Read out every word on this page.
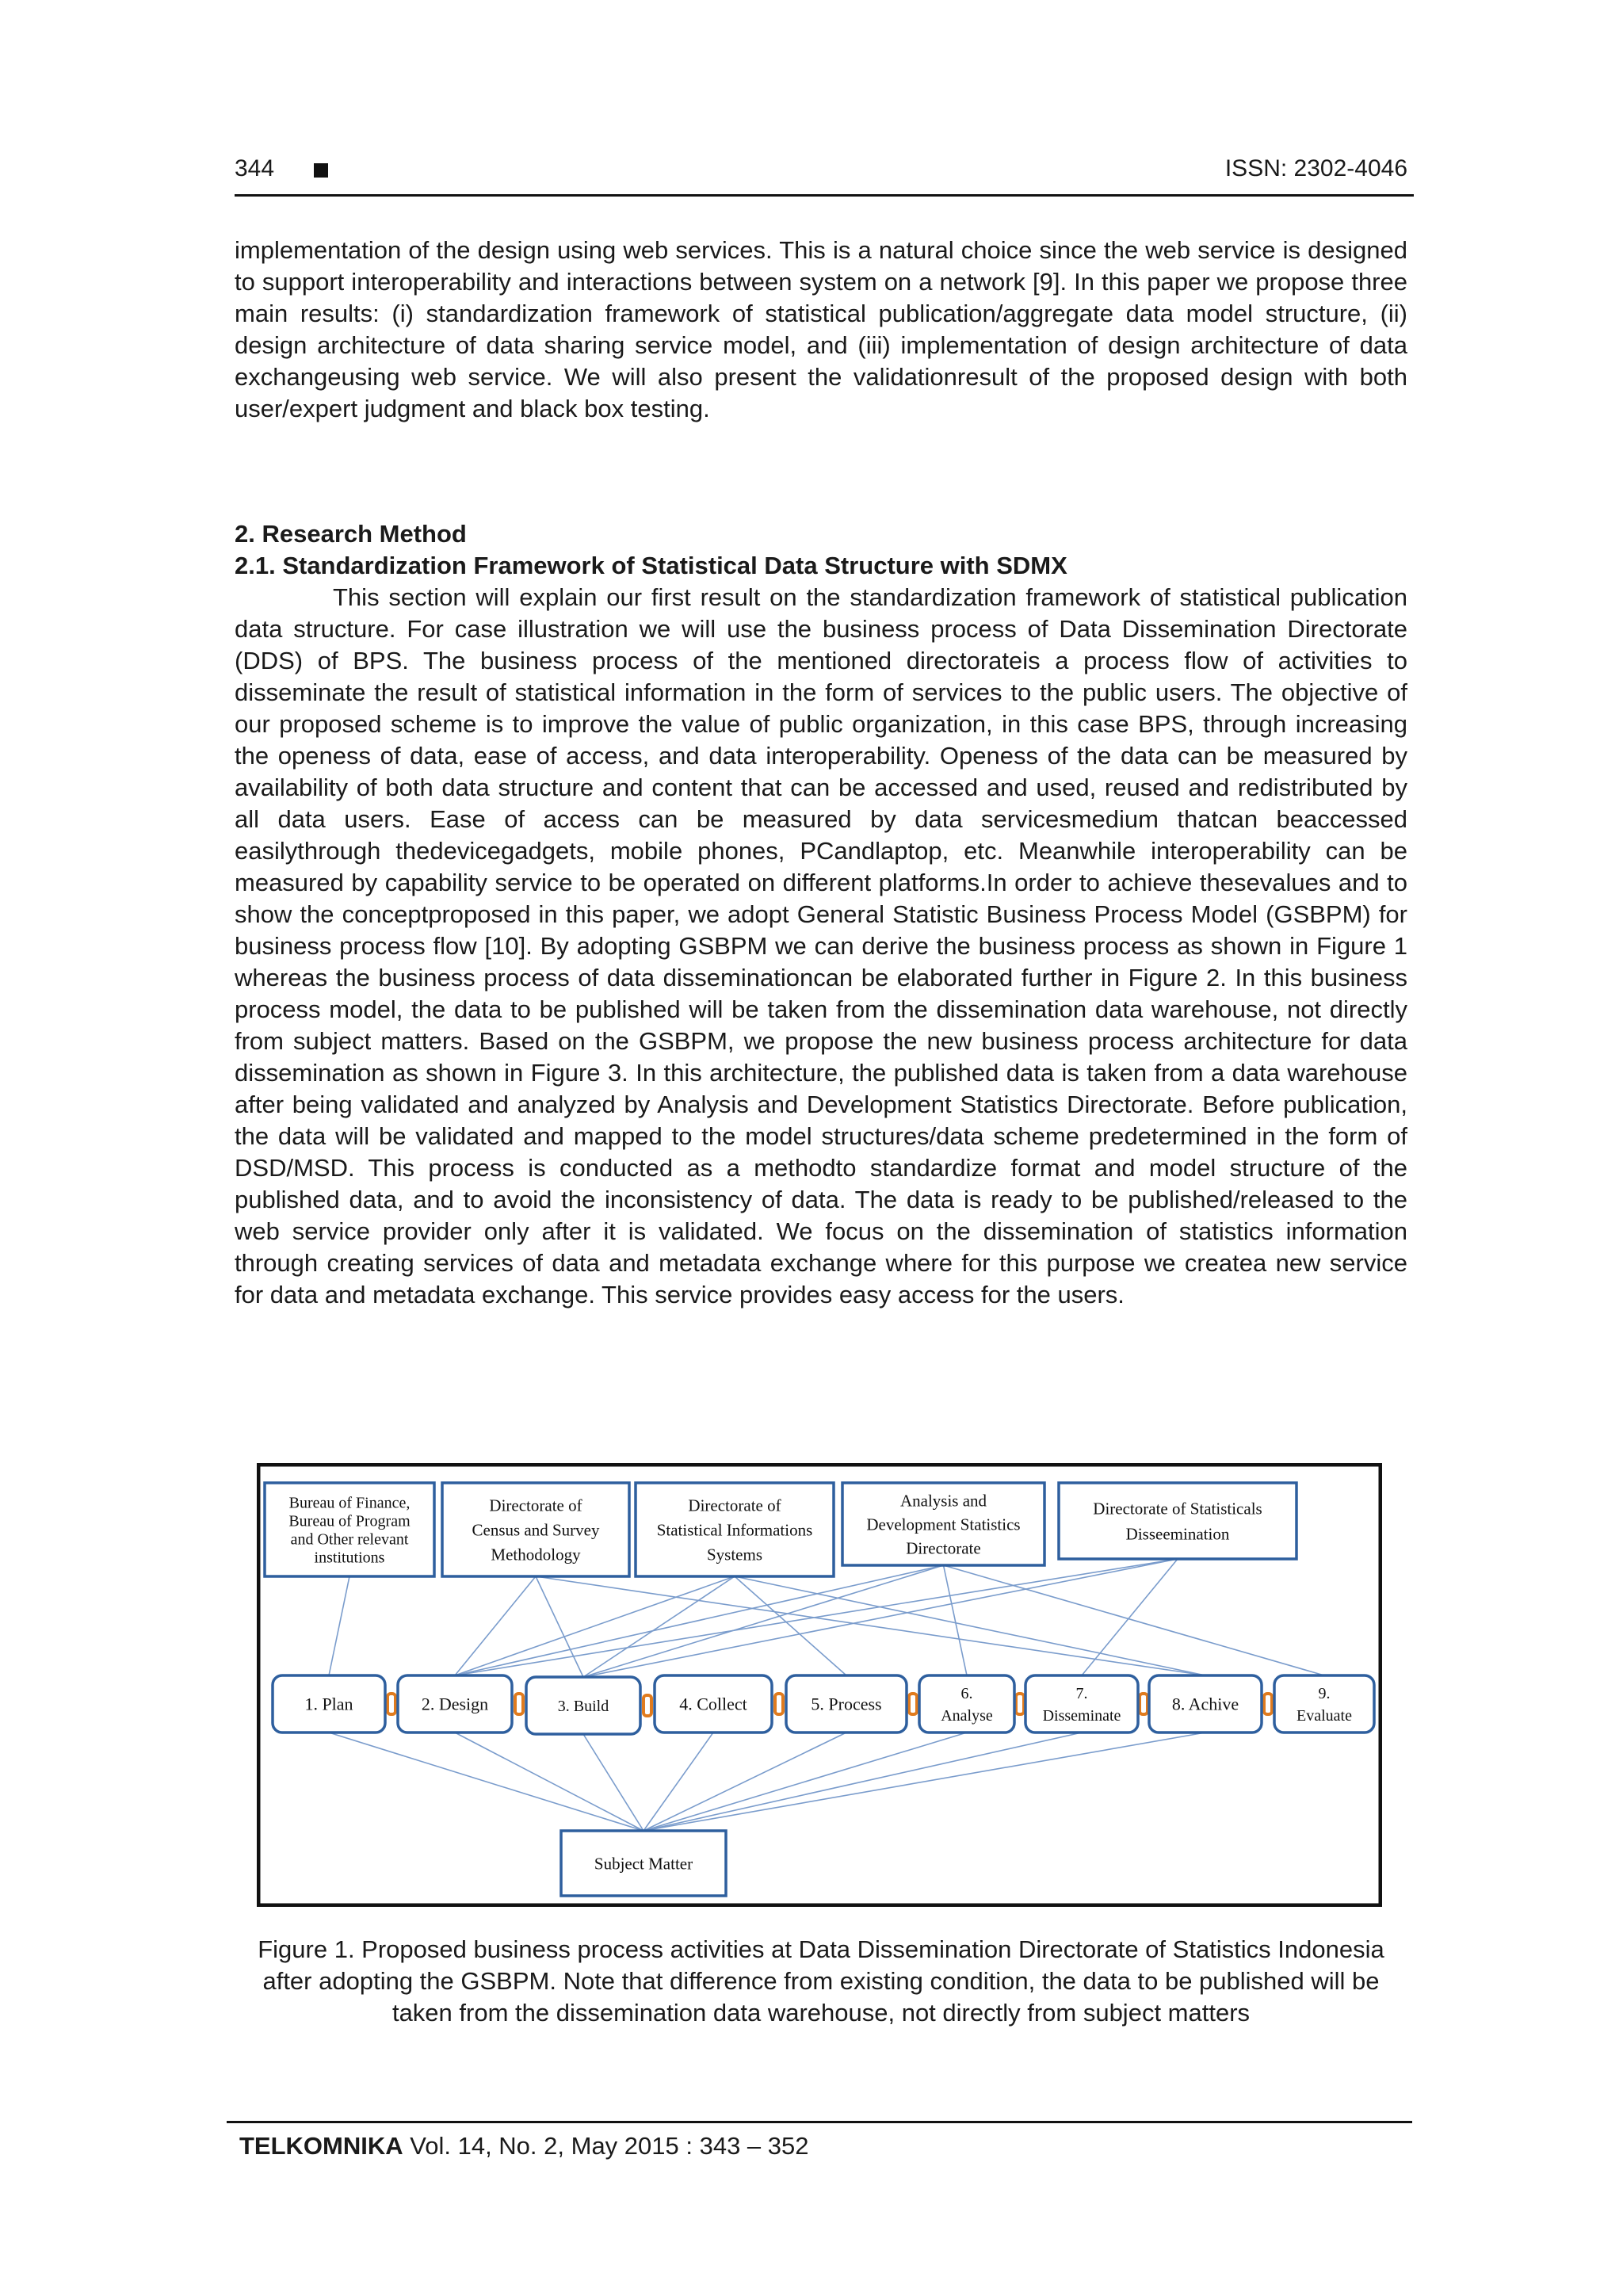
344	ISSN: 2302-4046
implementation of the design using web services. This is a natural choice since the web service is designed to support interoperability and interactions between system on a network [9]. In this paper we propose three main results: (i) standardization framework of statistical publication/aggregate data model structure, (ii) design architecture of data sharing service model, and (iii) implementation of design architecture of data exchangeusing web service. We will also present the validationresult of the proposed design with both user/expert judgment and black box testing.
2. Research Method
2.1. Standardization Framework of Statistical Data Structure with SDMX
This section will explain our first result on the standardization framework of statistical publication data structure. For case illustration we will use the business process of Data Dissemination Directorate (DDS) of BPS. The business process of the mentioned directorateis a process flow of activities to disseminate the result of statistical information in the form of services to the public users. The objective of our proposed scheme is to improve the value of public organization, in this case BPS, through increasing the openess of data, ease of access, and data interoperability. Openess of the data can be measured by availability of both data structure and content that can be accessed and used, reused and redistributed by all data users. Ease of access can be measured by data servicesmedium thatcan beaccessed easilythrough thedevicegadgets, mobile phones, PCandlaptop, etc. Meanwhile interoperability can be measured by capability service to be operated on different platforms.In order to achieve thesevalues and to show the conceptproposed in this paper, we adopt General Statistic Business Process Model (GSBPM) for business process flow [10]. By adopting GSBPM we can derive the business process as shown in Figure 1 whereas the business process of data disseminationcan be elaborated further in Figure 2. In this business process model, the data to be published will be taken from the dissemination data warehouse, not directly from subject matters. Based on the GSBPM, we propose the new business process architecture for data dissemination as shown in Figure 3. In this architecture, the published data is taken from a data warehouse after being validated and analyzed by Analysis and Development Statistics Directorate. Before publication, the data will be validated and mapped to the model structures/data scheme predetermined in the form of DSD/MSD. This process is conducted as a methodto standardize format and model structure of the published data, and to avoid the inconsistency of data. The data is ready to be published/released to the web service provider only after it is validated. We focus on the dissemination of statistics information through creating services of data and metadata exchange where for this purpose we createa new service for data and metadata exchange. This service provides easy access for the users.
Bureau of Finance,
Bureau of Program
and Other relevant
institutions
Directorate of
Census and Survey
Methodology
Directorate of
Statistical Informations
Systems
Analysis and
Development Statistics
Directorate
Directorate of Statisticals
Disseemination
1. Plan	2. Design	3. Build	4. Collect	5. Process
6.
Analyse
7.
Disseminate
8. Achive
9.
Evaluate
Subject Matter
Figure 1. Proposed business process activities at Data Dissemination Directorate of Statistics Indonesia after adopting the GSBPM. Note that difference from existing condition, the data to be published will be taken from the dissemination data warehouse, not directly from subject matters
TELKOMNIKA Vol. 14, No. 2, May 2015 : 343 – 352
